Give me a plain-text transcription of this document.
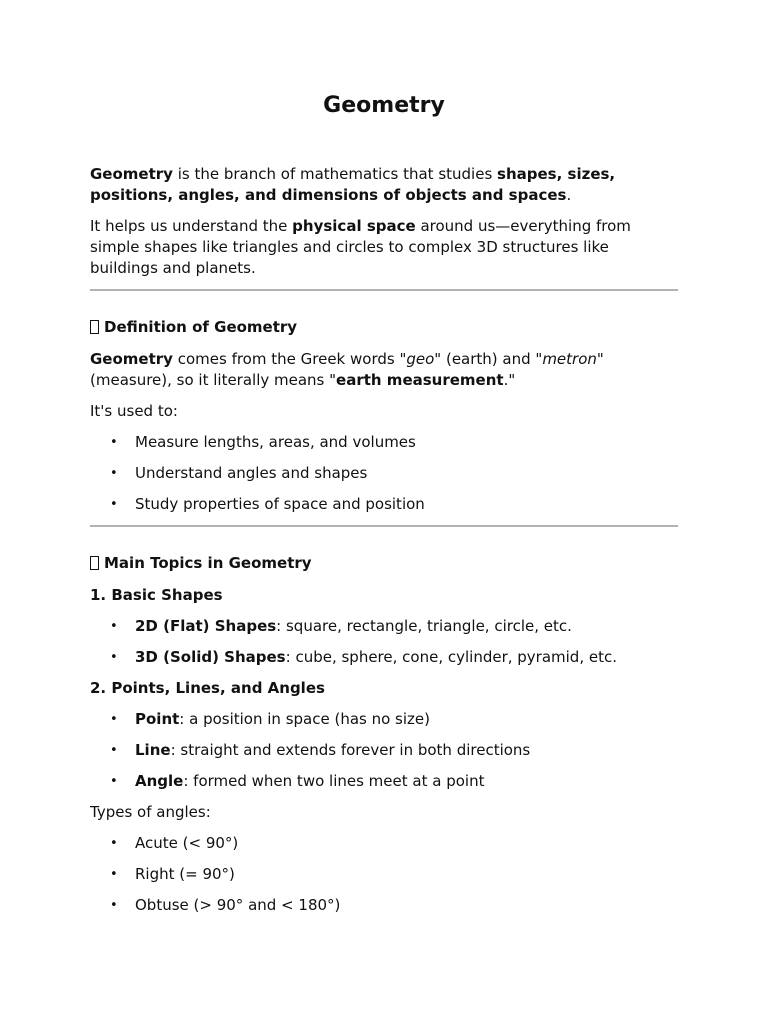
Geometry

Geometry is the branch of mathematics that studies shapes, sizes, positions, angles, and dimensions of objects and spaces.

It helps us understand the physical space around us—everything from simple shapes like triangles and circles to complex 3D structures like buildings and planets.

Definition of Geometry

Geometry comes from the Greek words "geo" (earth) and "metron" (measure), so it literally means "earth measurement."

It's used to:

• Measure lengths, areas, and volumes
• Understand angles and shapes
• Study properties of space and position
Main Topics in Geometry
1. Basic Shapes
• 2D (Flat) Shapes: square, rectangle, triangle, circle, etc.
• 3D (Solid) Shapes: cube, sphere, cone, cylinder, pyramid, etc.
2. Points, Lines, and Angles
• Point: a position in space (has no size)
• Line: straight and extends forever in both directions
• Angle: formed when two lines meet at a point

Types of angles:

• Acute (< 90°)
• Right (= 90°)
• Obtuse (> 90° and < 180°)
